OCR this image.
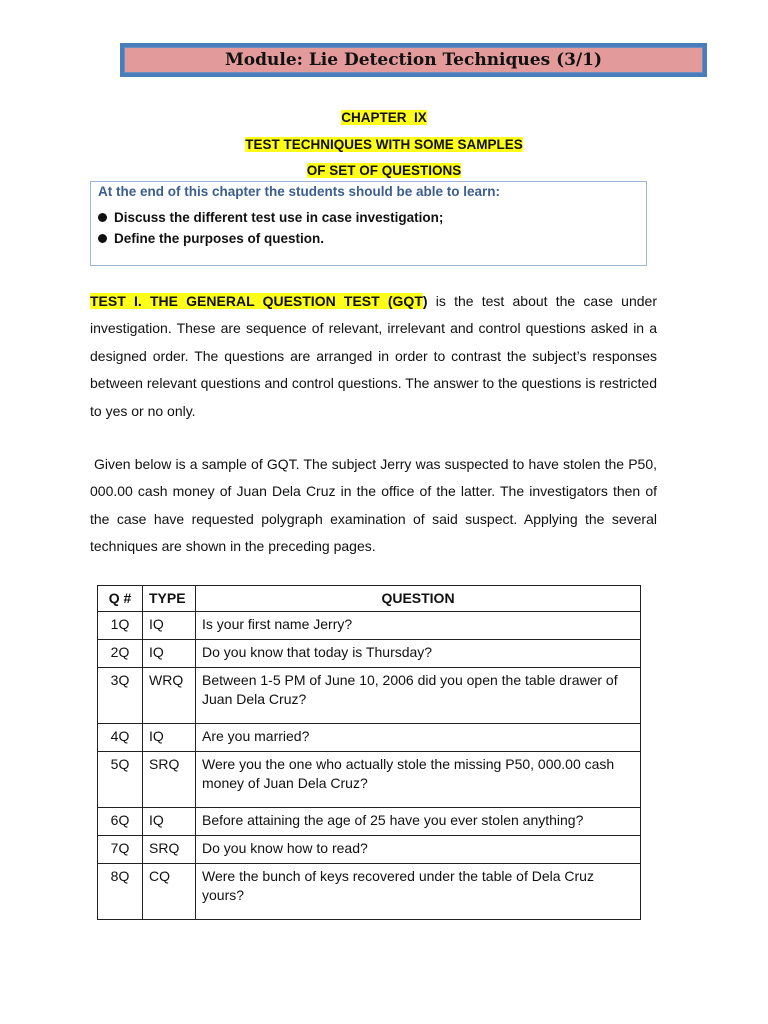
Module: Lie Detection Techniques (3/1)
CHAPTER  IX
TEST TECHNIQUES WITH SOME SAMPLES
OF SET OF QUESTIONS
At the end of this chapter the students should be able to learn:
Discuss the different test use in case investigation;
Define the purposes of question.
TEST I. THE GENERAL QUESTION TEST (GQT) is the test about the case under investigation. These are sequence of relevant, irrelevant and control questions asked in a designed order. The questions are arranged in order to contrast the subject’s responses between relevant questions and control questions. The answer to the questions is restricted to yes or no only.
Given below is a sample of GQT. The subject Jerry was suspected to have stolen the P50, 000.00 cash money of Juan Dela Cruz in the office of the latter. The investigators then of the case have requested polygraph examination of said suspect. Applying the several techniques are shown in the preceding pages.
Q #	TYPE	QUESTION
1Q	IQ	Is your first name Jerry?
2Q	IQ	Do you know that today is Thursday?
3Q	WRQ	Between 1-5 PM of June 10, 2006 did you open the table drawer of Juan Dela Cruz?
4Q	IQ	Are you married?
5Q	SRQ	Were you the one who actually stole the missing P50, 000.00 cash money of Juan Dela Cruz?
6Q	IQ	Before attaining the age of 25 have you ever stolen anything?
7Q	SRQ	Do you know how to read?
8Q	CQ	Were the bunch of keys recovered under the table of Dela Cruz yours?
